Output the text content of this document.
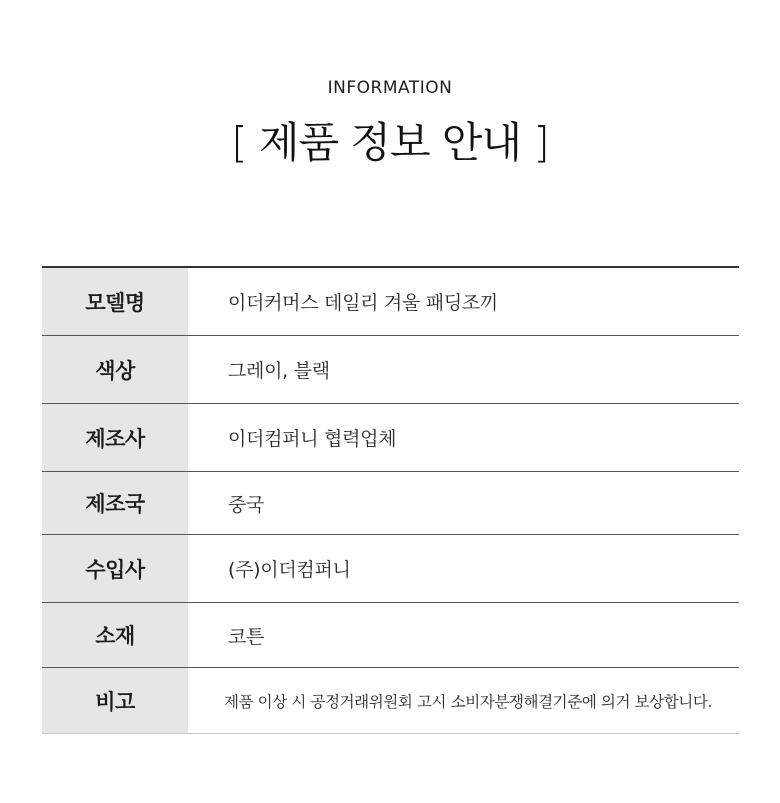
INFORMATION
[ 제품 정보 안내 ]
모델명	이더커머스 데일리 겨울 패딩조끼
색상	그레이, 블랙
제조사	이더컴퍼니 협력업체
제조국	중국
수입사	(주)이더컴퍼니
소재	코튼
비고	제품 이상 시 공정거래위원회 고시 소비자분쟁해결기준에 의거 보상합니다.
